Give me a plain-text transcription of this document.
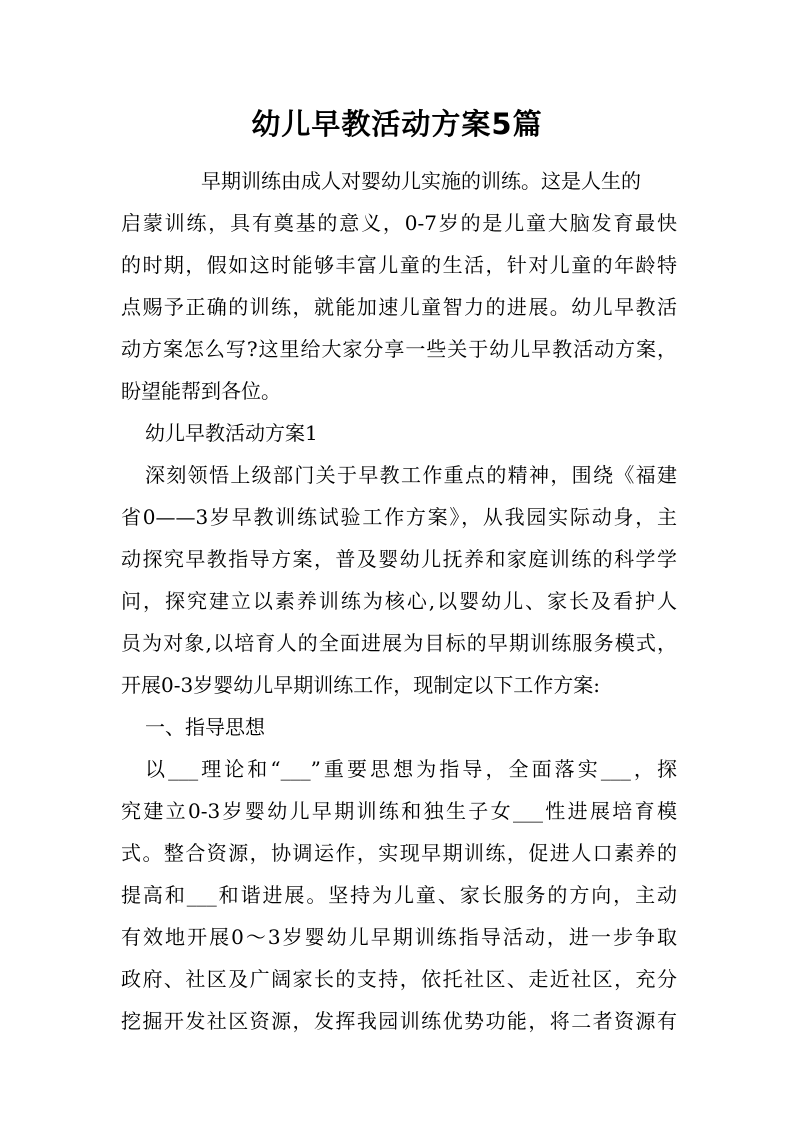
幼儿早教活动方案5篇

早期训练由成人对婴幼儿实施的训练。这是人生的

启蒙训练，具有奠基的意义，0-7岁的是儿童大脑发育最快

的时期，假如这时能够丰富儿童的生活，针对儿童的年龄特

点赐予正确的训练，就能加速儿童智力的进展。幼儿早教活

动方案怎么写?这里给大家分享一些关于幼儿早教活动方案，

盼望能帮到各位。

幼儿早教活动方案1

深刻领悟上级部门关于早教工作重点的精神，围绕《福建

省0——3岁早教训练试验工作方案》，从我园实际动身，主

动探究早教指导方案，普及婴幼儿抚养和家庭训练的科学学

问，探究建立以素养训练为核心,以婴幼儿、家长及看护人

员为对象,以培育人的全面进展为目标的早期训练服务模式，

开展0-3岁婴幼儿早期训练工作，现制定以下工作方案:

一、指导思想

以___理论和“___”重要思想为指导，全面落实___，探

究建立0-3岁婴幼儿早期训练和独生子女___性进展培育模

式。整合资源，协调运作，实现早期训练，促进人口素养的

提高和___和谐进展。坚持为儿童、家长服务的方向，主动

有效地开展0～3岁婴幼儿早期训练指导活动，进一步争取

政府、社区及广阔家长的支持，依托社区、走近社区，充分

挖掘开发社区资源，发挥我园训练优势功能，将二者资源有
